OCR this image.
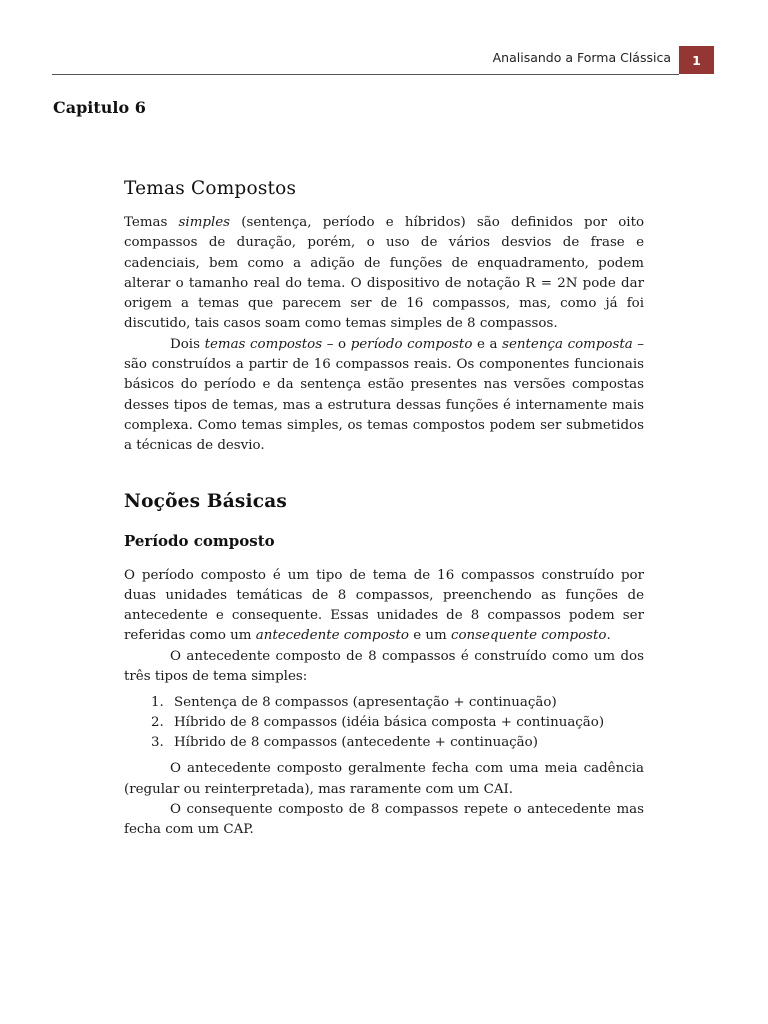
Analisando a Forma Clássica	1
Capitulo 6
Temas Compostos

Temas simples (sentença, período e híbridos) são definidos por oito compassos de duração, porém, o uso de vários desvios de frase e cadenciais, bem como a adição de funções de enquadramento, podem alterar o tamanho real do tema. O dispositivo de notação R = 2N pode dar origem a temas que parecem ser de 16 compassos, mas, como já foi discutido, tais casos soam como temas simples de 8 compassos.

Dois temas compostos – o período composto e a sentença composta – são construídos a partir de 16 compassos reais. Os componentes funcionais básicos do período e da sentença estão presentes nas versões compostas desses tipos de temas, mas a estrutura dessas funções é internamente mais complexa. Como temas simples, os temas compostos podem ser submetidos a técnicas de desvio.

Noções Básicas
Período composto

O período composto é um tipo de tema de 16 compassos construído por duas unidades temáticas de 8 compassos, preenchendo as funções de antecedente e consequente. Essas unidades de 8 compassos podem ser referidas como um antecedente composto e um consequente composto.

O antecedente composto de 8 compassos é construído como um dos três tipos de tema simples:

1. Sentença de 8 compassos (apresentação + continuação)
2. Híbrido de 8 compassos (idéia básica composta + continuação)
3. Híbrido de 8 compassos (antecedente + continuação)

O antecedente composto geralmente fecha com uma meia cadência (regular ou reinterpretada), mas raramente com um CAI.

O consequente composto de 8 compassos repete o antecedente mas fecha com um CAP.
